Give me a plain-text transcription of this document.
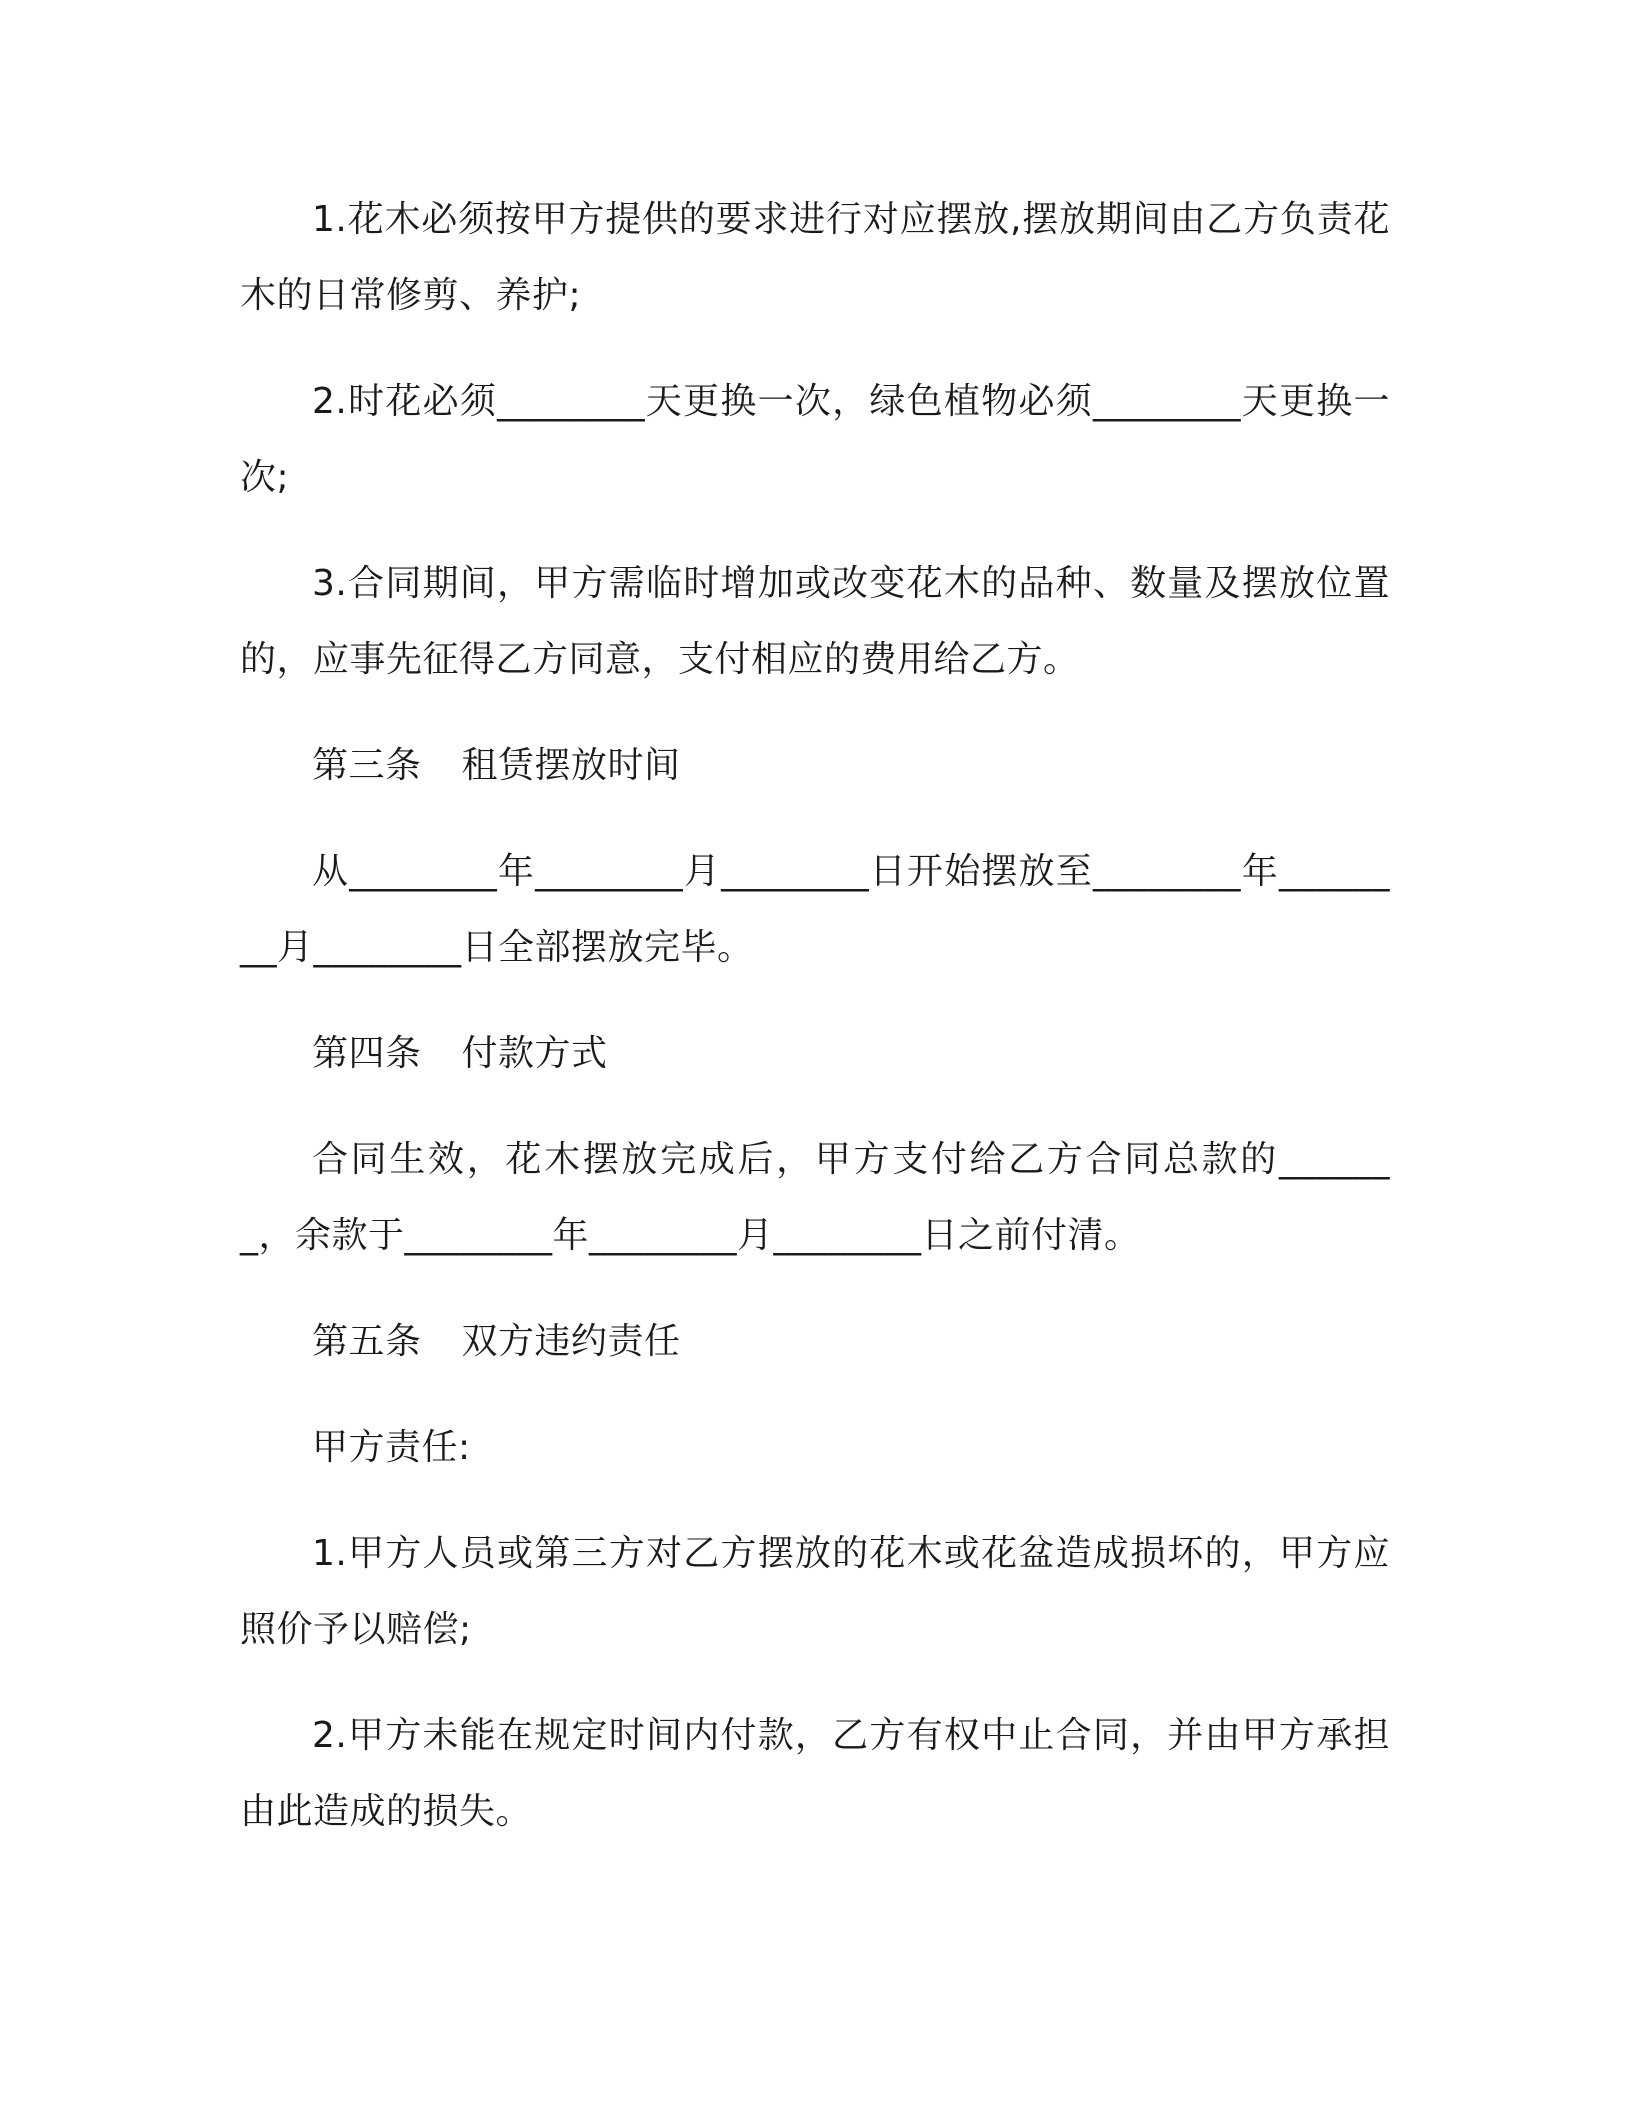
1.花木必须按甲方提供的要求进行对应摆放,摆放期间由乙方负责花木的日常修剪、养护;

2.时花必须________天更换一次，绿色植物必须________天更换一次;

3.合同期间，甲方需临时增加或改变花木的品种、数量及摆放位置的，应事先征得乙方同意，支付相应的费用给乙方。

第三条 租赁摆放时间

从________年________月________日开始摆放至________年________月________日全部摆放完毕。

第四条 付款方式

合同生效，花木摆放完成后，甲方支付给乙方合同总款的_______，余款于________年________月________日之前付清。

第五条 双方违约责任

甲方责任:

1.甲方人员或第三方对乙方摆放的花木或花盆造成损坏的，甲方应照价予以赔偿;

2.甲方未能在规定时间内付款，乙方有权中止合同，并由甲方承担由此造成的损失。
